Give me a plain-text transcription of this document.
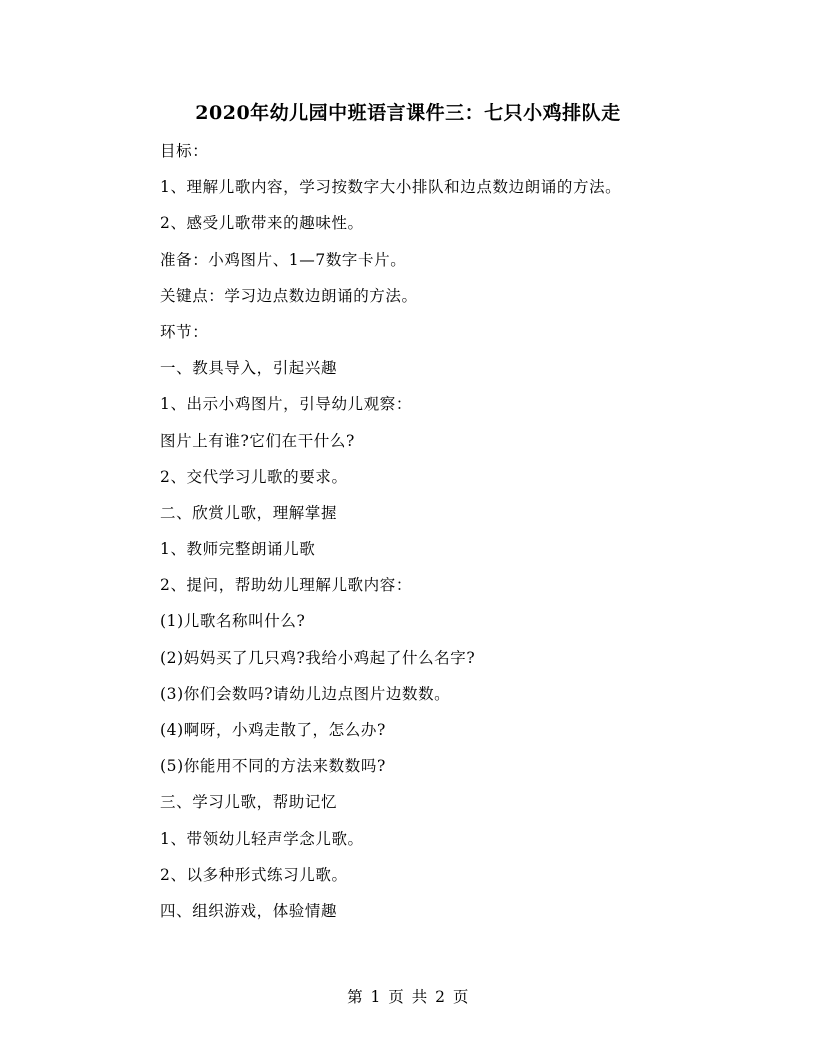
2020年幼儿园中班语言课件三：七只小鸡排队走
目标：
1、理解儿歌内容，学习按数字大小排队和边点数边朗诵的方法。
2、感受儿歌带来的趣味性。
准备：小鸡图片、1—7数字卡片。
关键点：学习边点数边朗诵的方法。
环节：
一、教具导入，引起兴趣
1、出示小鸡图片，引导幼儿观察：
图片上有谁?它们在干什么?
2、交代学习儿歌的要求。
二、欣赏儿歌，理解掌握
1、教师完整朗诵儿歌
2、提问，帮助幼儿理解儿歌内容：
(1)儿歌名称叫什么?
(2)妈妈买了几只鸡?我给小鸡起了什么名字?
(3)你们会数吗?请幼儿边点图片边数数。
(4)啊呀，小鸡走散了，怎么办?
(5)你能用不同的方法来数数吗?
三、学习儿歌，帮助记忆
1、带领幼儿轻声学念儿歌。
2、以多种形式练习儿歌。
四、组织游戏，体验情趣
第 1 页 共 2 页
